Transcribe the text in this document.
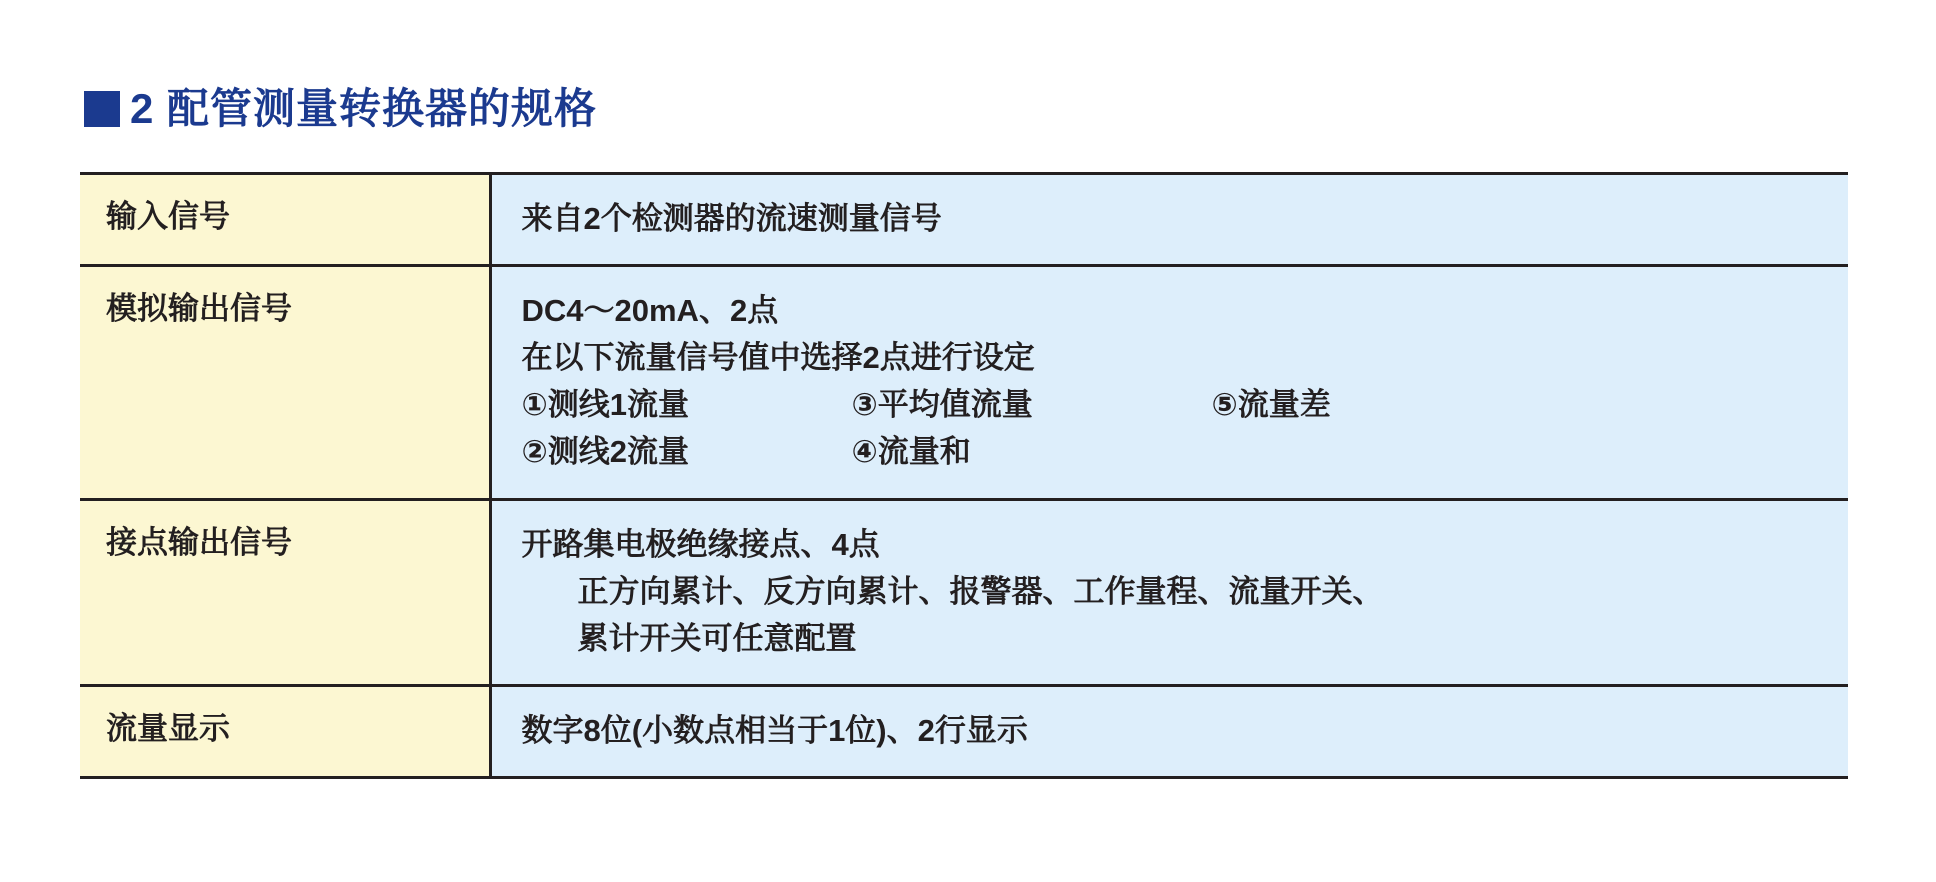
2 配管测量转换器的规格
输入信号	来自2个检测器的流速测量信号

模拟输出信号	DC4〜20mA、2点
在以下流量信号值中选择2点进行设定
①测线1流量	③平均值流量	⑤流量差
②测线2流量	④流量和

接点输出信号	开路集电极绝缘接点、4点
正方向累计、反方向累计、报警器、工作量程、流量开关、
累计开关可任意配置

流量显示	数字8位(小数点相当于1位)、2行显示
